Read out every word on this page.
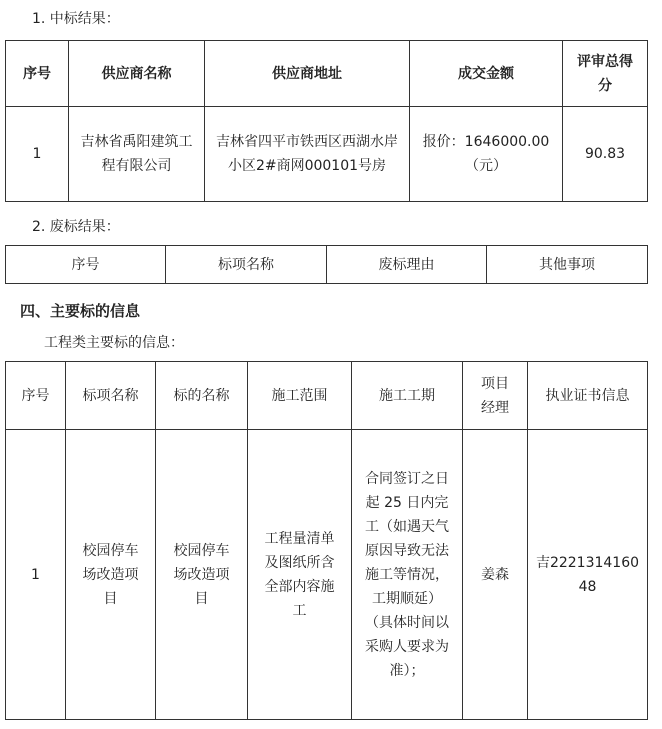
1. 中标结果：
序号	供应商名称	供应商地址	成交金额	评审总得分
1	吉林省禹阳建筑工程有限公司	吉林省四平市铁西区西湖水岸小区2#商网000101号房	报价：1646000.00（元）	90.83
2. 废标结果：
序号	标项名称	废标理由	其他事项
四、主要标的信息
工程类主要标的信息：
序号	标项名称	标的名称	施工范围	施工工期	项目经理	执业证书信息
1	校园停车场改造项目	校园停车场改造项目	工程量清单及图纸所含全部内容施工	合同签订之日起 25 日内完工（如遇天气原因导致无法施工等情况，工期顺延）（具体时间以采购人要求为准）；	姜森	吉222131416048
